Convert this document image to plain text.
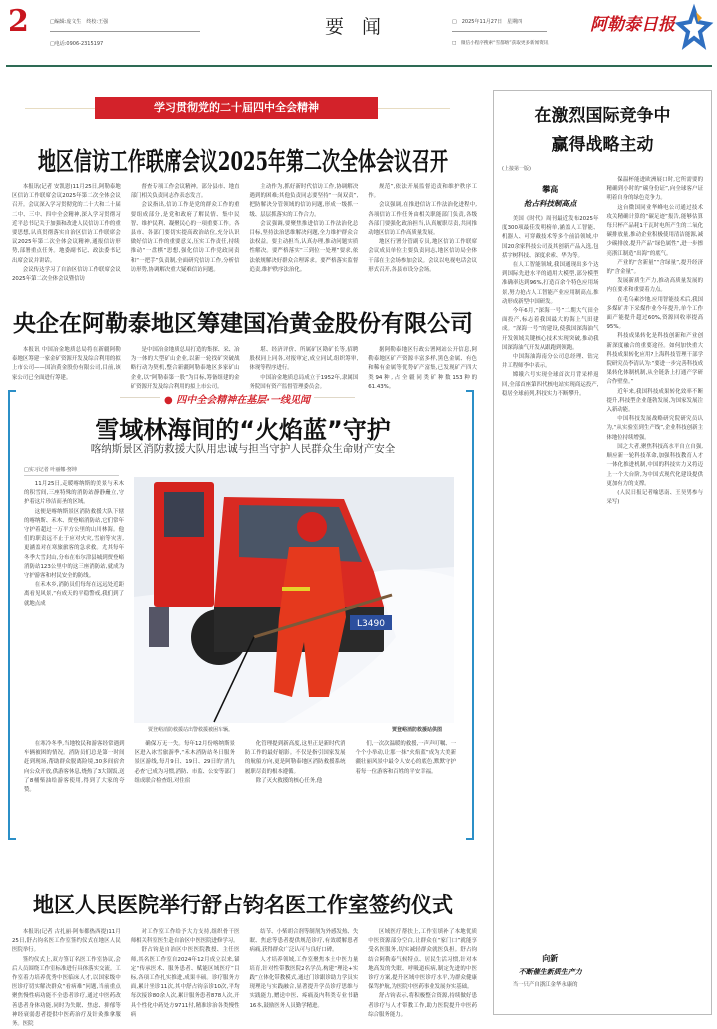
2	□编辑:庞文生　终校:王强
□电话:0906-2315197
要 闻	□　2025年11月27日　星期四
□　微信小程序搜索“雪都喀”获取更多新闻资讯
阿勒泰日报
学习贯彻党的二十届四中全会精神
地区信访工作联席会议2025年第二次全体会议召开

本报讯(记者 安凯恩)11月25日,阿勒泰地区信访工作联席会议2025年第二次全体会议召开。会议深入学习贯彻党的二十大和二十届二中、三中、四中全会精神,深入学习贯彻习近平总书记关于加强和改进人民信访工作的重要思想,认真贯彻落实自治区信访工作联席会议2025年第二次全体会议精神,通报信访形势,部署重点任务。地委副书记、政法委书记出席会议并讲话。

会议传达学习了自治区信访工作联席会议2025年第二次全体会议暨信访

督查专项工作会议精神。部分县市、地直部门相关负责同志作表态发言。

会议指出,信访工作是党的群众工作的重要组成部分,是党和政府了解民情、集中民智、维护民利、凝聚民心的一项重要工作。各县市、各部门要切实提高政治站位,充分认识做好信访工作的重要意义,压实工作责任,持续推动“一盘棋”思想,强化信访工作党政同责和“一把手”负责制,全面研究信访工作,分析信访形势,协调解决重大疑难信访问题。

主动作为,抓好新时代信访工作,协调解决遇到的困难;其他负责同志要坚持“一岗双责”,把防解决分管领域的信访问题,形成一级抓一级、层层抓落实的工作合力。

会议强调,要聚焦推进信访工作法治化总目标,坚持法治思维解决问题,全力维护群众合法权益。要主动担当,认真办理,推动问题实质性解决。要严格落实“三到位一处理”要求,依法依规解决好群众合理诉求。要严格落实监督追责,维护秩序法治化。

规范”,依法开展监督追责和维护秩序工作。

会议强调,在推进信访工作法治化进程中,各项信访工作任务由相关职能部门负责,各级各部门要强化政治担当,认真履职尽责,共同推动地区信访工作高质量发展。

地区行署分管副专员,地区信访工作联席会议成员单位主要负责同志,地区信访局全体干部在主会场参加会议。会议以电视电话会议形式召开,各县市设分会场。

央企在阿勒泰地区筹建国冶黄金股份有限公司

本报讯 中国冶金地质总局将在新疆阿勒泰地区筹建一家金矿资源开发及综合利用的拟上市公司——国冶黄金股份有限公司,目前,该家公司已全面进行筹建。

是中国冶金地质总局打造的集探、采、冶为一体的大型矿山企业,以新一轮找矿突破战略行动为契机,整合新疆阿勒泰地区多家矿山企业,以“阿勒泰第一股”为目标,筹备组建的金矿资源开发及综合利用的拟上市公司。

堪、经济评价、所属矿区勘矿长等,招聘股权同上同各,对报审定,成立同试,组织筹审,体现等程序进行。

中国冶金地质总局成立于1952年,隶属国务院国有资产监督管理委员会。

据阿勒泰地区行政公署网站公开信息,阿勒泰地区矿产资源丰富多样,黑色金属、有色和稀有金属等优势矿产富集,已发现矿产四大类94种,占全疆同类矿种数153种的61.43%。

● 四中全会精神在基层·一线见闻
雪域林海间的“火焰蓝”守护
喀纳斯景区消防救援大队用忠诚与担当守护人民群众生命财产安全
□实习记者 叶丽娜·努坤

11月25日,走暖喀纳斯的美景与禾木的积雪间,三座特殊的消防站静静矗立,守护着这片珍洁而圣的区域。

这便是喀纳斯景区消防救援大队下辖的喀纳斯、禾木、贾登峪消防站,它们常年守护着超过一万平方公里的山川林海。他们的职责远不止于应对火灾,雪崩等灾害,更涵盖对在寒旅旅客的急求救。尤其每年冬季大雪封山,分布在布尔津县城到贾登峪消防站123公里中的这三座消防站,就成为守护游客和村民安全的防线。

在禾木乡,消防员们每每在远远处近距离看见风景,“有成天的平稳警戒,我们到了就地点成

L3490
贾登峪消防救援站出警救援被困车辆。	贾登峪消防救援站供图

在寒冷冬季,当地牧民和游客经常遇到车辆被困的情况。消防员们总是第一时间赶到现场,帮助群众脱离险境,30多间宿舍向公众开放,供游客休息,烧热了3大锅饭,送了8桶柴油给游客使用,得到了大家的夸赞。

确保万无一失。每年12月份喀纳斯景区进入冰雪旅游季,“禾木消防站冬日服务景区游线,每月9日、19日、29日的‘消九必查’已成为习惯,消防、市监、公安等部门组成联合检查组,对住宿

化管理提到新高度,这里正是新时代消防工作的最好缩影。不仅是指引国家发展的航船方向,更是阿勒泰地区消防救援系统履职尽责的根本遵循。

除了灭火救援的核心任务,他

们,一次次温暖的救援,一声声叮嘱、一个个小举动,让那一抹“火焰蓝”成为大美新疆壮丽风景中最令人安心的底色,默默守护着每一位游客和百姓的平安幸福。

地区人民医院举行舒占钧名医工作室签约仪式

本报讯(记者 古扎丽·阿布都热西提)11月25日,舒占钧名医工作室签约仪式在地区人民医院举行。

签约仪式上,双方签订名医工作室协议,会后人员围绕工作室标准进行具体落实交流。工作室着力培养优秀中医临床人才,以国家级中医诊疗切实解决群众“看病难”问题,当前重点聚焦慢性病功能不全患者诊疗,通过中医药改善患者身体功能,同时为失眠、焦虑、抑郁等神经衰弱患者提供中医药治疗及针灸推拿服务。医院

对工作室工作给予大力支持,组织骨干医师相关科室医生赴自治区中医医院进修学习。

舒占钧是自治区中医医院教授、主任医师,其名医工作室自2024年12月成立以来,锚定“传承医术、服务患者、赋能区域医疗”目标,各项工作扎实推进,成果丰硕。诊疗服务方面,累计坐诊11次,其中舒占钧亲诊10次,平均每次接诊80余人次,累计服务患者878人次,开具个性化中药处方9711付,精准诊治各类慢性病

结节、小柴胡合剂等制剂为外感发热、失眠、焦虑等患者提供规范诊疗,有效缓解患者病痛,获得群众广泛认可与良好口碑。

人才培养领域,工作室聚焦本土中医力量培育,针对性带教医院2名学员,构建“理论+实践”立体化带教模式,通过门诊跟诊助力学员实现理论与实践融合,显著提升学员诊疗思维与实践能力,赠送中医、疼痛及内科类专业书籍16本,鼓励医务人员勤学精进。

区域医疗帮扶上,工作室填补了本地优质中医资源部分空白,让群众在“家门口”就能享受名医服务,切实减轻群众就医负担。舒占钧结合阿勒泰气候特点、居民生活习惯,针对本地高发的失眠、呼吸道疾病,制定先进的中医诊疗方案,提升区域中医诊疗水平,为群众健康保驾护航,为医院中医药事业发展夯实基础。

舒占钧表示,将积极整合资源,持续做好患者诊疗与人才带教工作,助力医院提升中医药综合服务能力。

在激烈国际竞争中
赢得战略主动
(上接第一版)
攀高
抢占科技制高点

美国《时代》周刊最近发布2025年度300项最佳发明榜单,涵盖人工智能、机器人、可穿戴技术等多个前沿领域,中国20余家科技公司及其创新产品入选,包括宇树科技、深度求索、华为等。

在人工智能领域,我国通现出多个达到国际先进水平的通用大模型,部分模型准确率达到96%,打造百余个特色应用场景,努力抢占人工智能产业应用制高点,推动形成新型中国研发。

今年6月,“深海一号”二期大气田全面投产,标志着我国最大的海上气田建成。“深海一号”的建设,使我国深海油气开发领域关键核心技术实现突破,推动我国深海油气开发从跟跑到领跑。

中国海油海南分公司总经理、钻完井工程师李中表示。

嫦娥六号实现全球首次月背采样返回,全部首座第四代核电站实现商运投产,稳居全球前列,科技实力不断攀升。

向新
不断催生新质生产力

当一只产自浙江金华永康的

保温杯能进欧洲展口时,它所需要的精确到小时的“碳身份证”,向全球客户证明着自身的绿色竞争力。

这台微国同业华峰电公司通过技术攻关精确计算的“碳足迹”报告,能够估算每只杯产品耗1千瓦时电所产生的二氧化碳排放量,推动企业积极使用清洁能源,减少碳排放,提升产品“绿色属性”,进一步擦亮浙江制造“出海”的底气。

产业的“含新量”“含绿量”,提升经济的“含金量”。

发展新质生产力,推动高质量发展的内在要求和重要着力点。

在毛乌素沙地,应用智能技术后,我国多煤矿井下采煤作业今年提升,单个工作面产能提升超过60%,资源回收率提高95%。

科技成果转化是科技创新和产业创新深度融合的重要途径。如何加快重大科技成果转化应用?上海科技管理干部学院研究员李清认为:“要进一步完善科技成果转化体制机制,从全链条上打通产学研合作壁垒。”

近年来,我国科技成果转化效率不断提升,科技型企业蓬勃发展,为国家发展注入新动能。

中国科技发展战略研究院研究员认为,“从实验室到生产线”,企业科技创新主体地位持续增强。

国之大者,聚焦科技高水平自立自强,顺应新一轮科技革命,加强科技教育人才一体化推进机制,中国的科技实力又将迈上一个大台阶,为中国式现代化建设提供更加有力的支撑。

(人民日报记者喻思南、王昊男参与采写)
